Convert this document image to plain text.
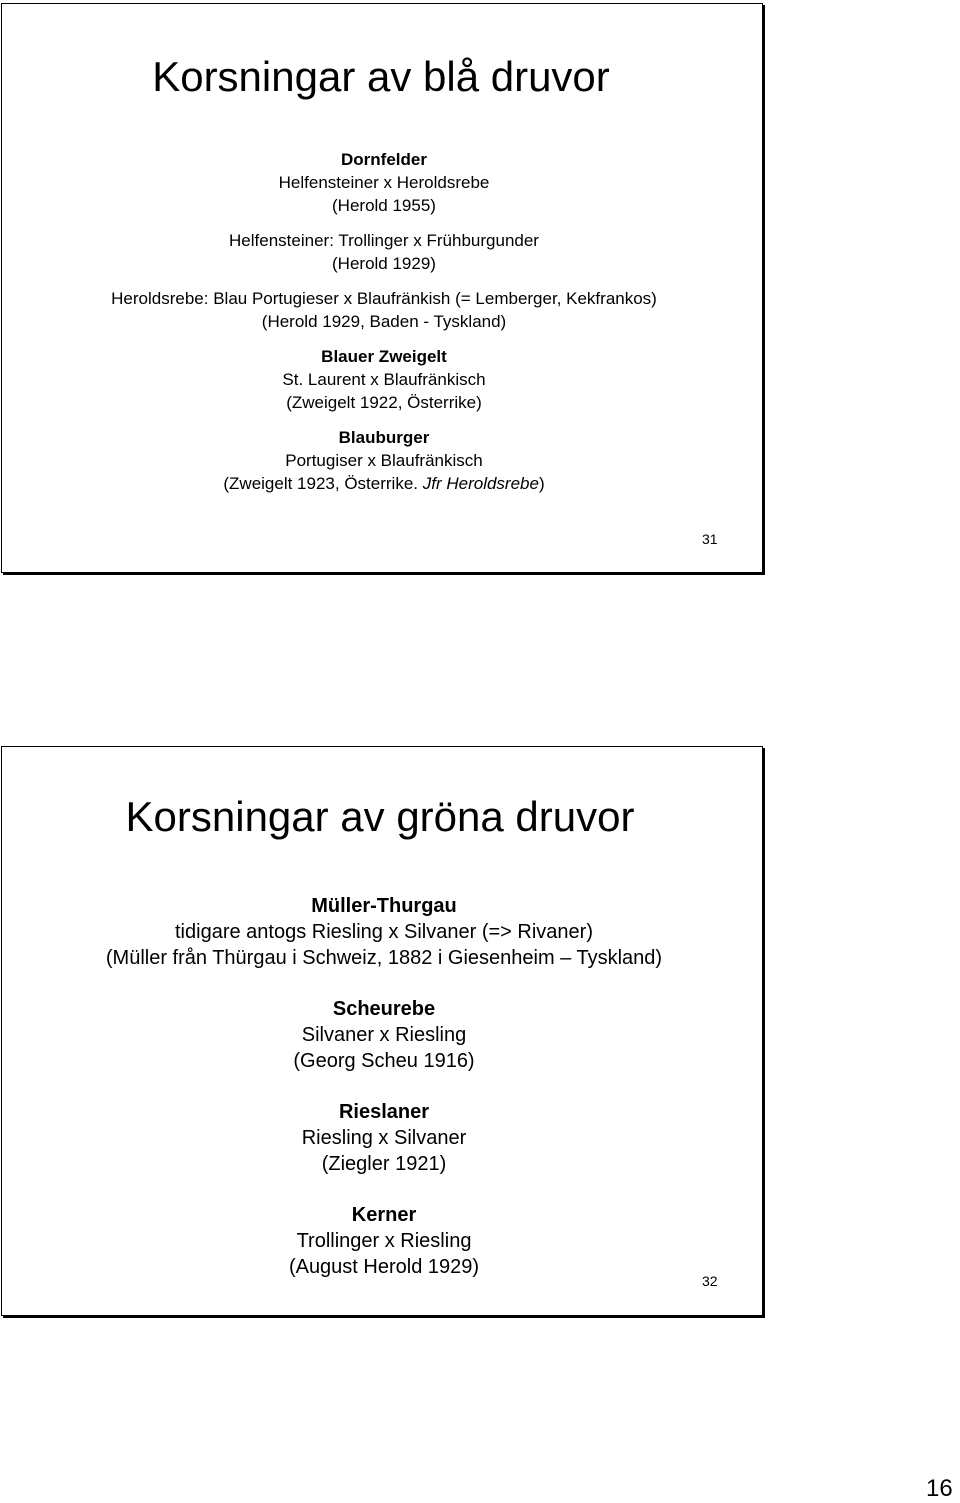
Korsningar av blå druvor
Dornfelder
Helfensteiner x Heroldsrebe
(Herold 1955)
Helfensteiner: Trollinger x Frühburgunder
(Herold 1929)
Heroldsrebe: Blau Portugieser x Blaufränkish (= Lemberger, Kekfrankos)
(Herold 1929, Baden - Tyskland)
Blauer Zweigelt
St. Laurent x Blaufränkisch
(Zweigelt 1922, Österrike)
Blauburger
Portugiser x Blaufränkisch
(Zweigelt 1923, Österrike. Jfr Heroldsrebe)
31
Korsningar av gröna druvor
Müller-Thurgau
tidigare antogs Riesling x Silvaner (=> Rivaner)
(Müller från Thürgau i Schweiz, 1882 i Giesenheim – Tyskland)
Scheurebe
Silvaner x Riesling
(Georg Scheu 1916)
Rieslaner
Riesling x Silvaner
(Ziegler 1921)
Kerner
Trollinger x Riesling
(August Herold 1929)
32
16
